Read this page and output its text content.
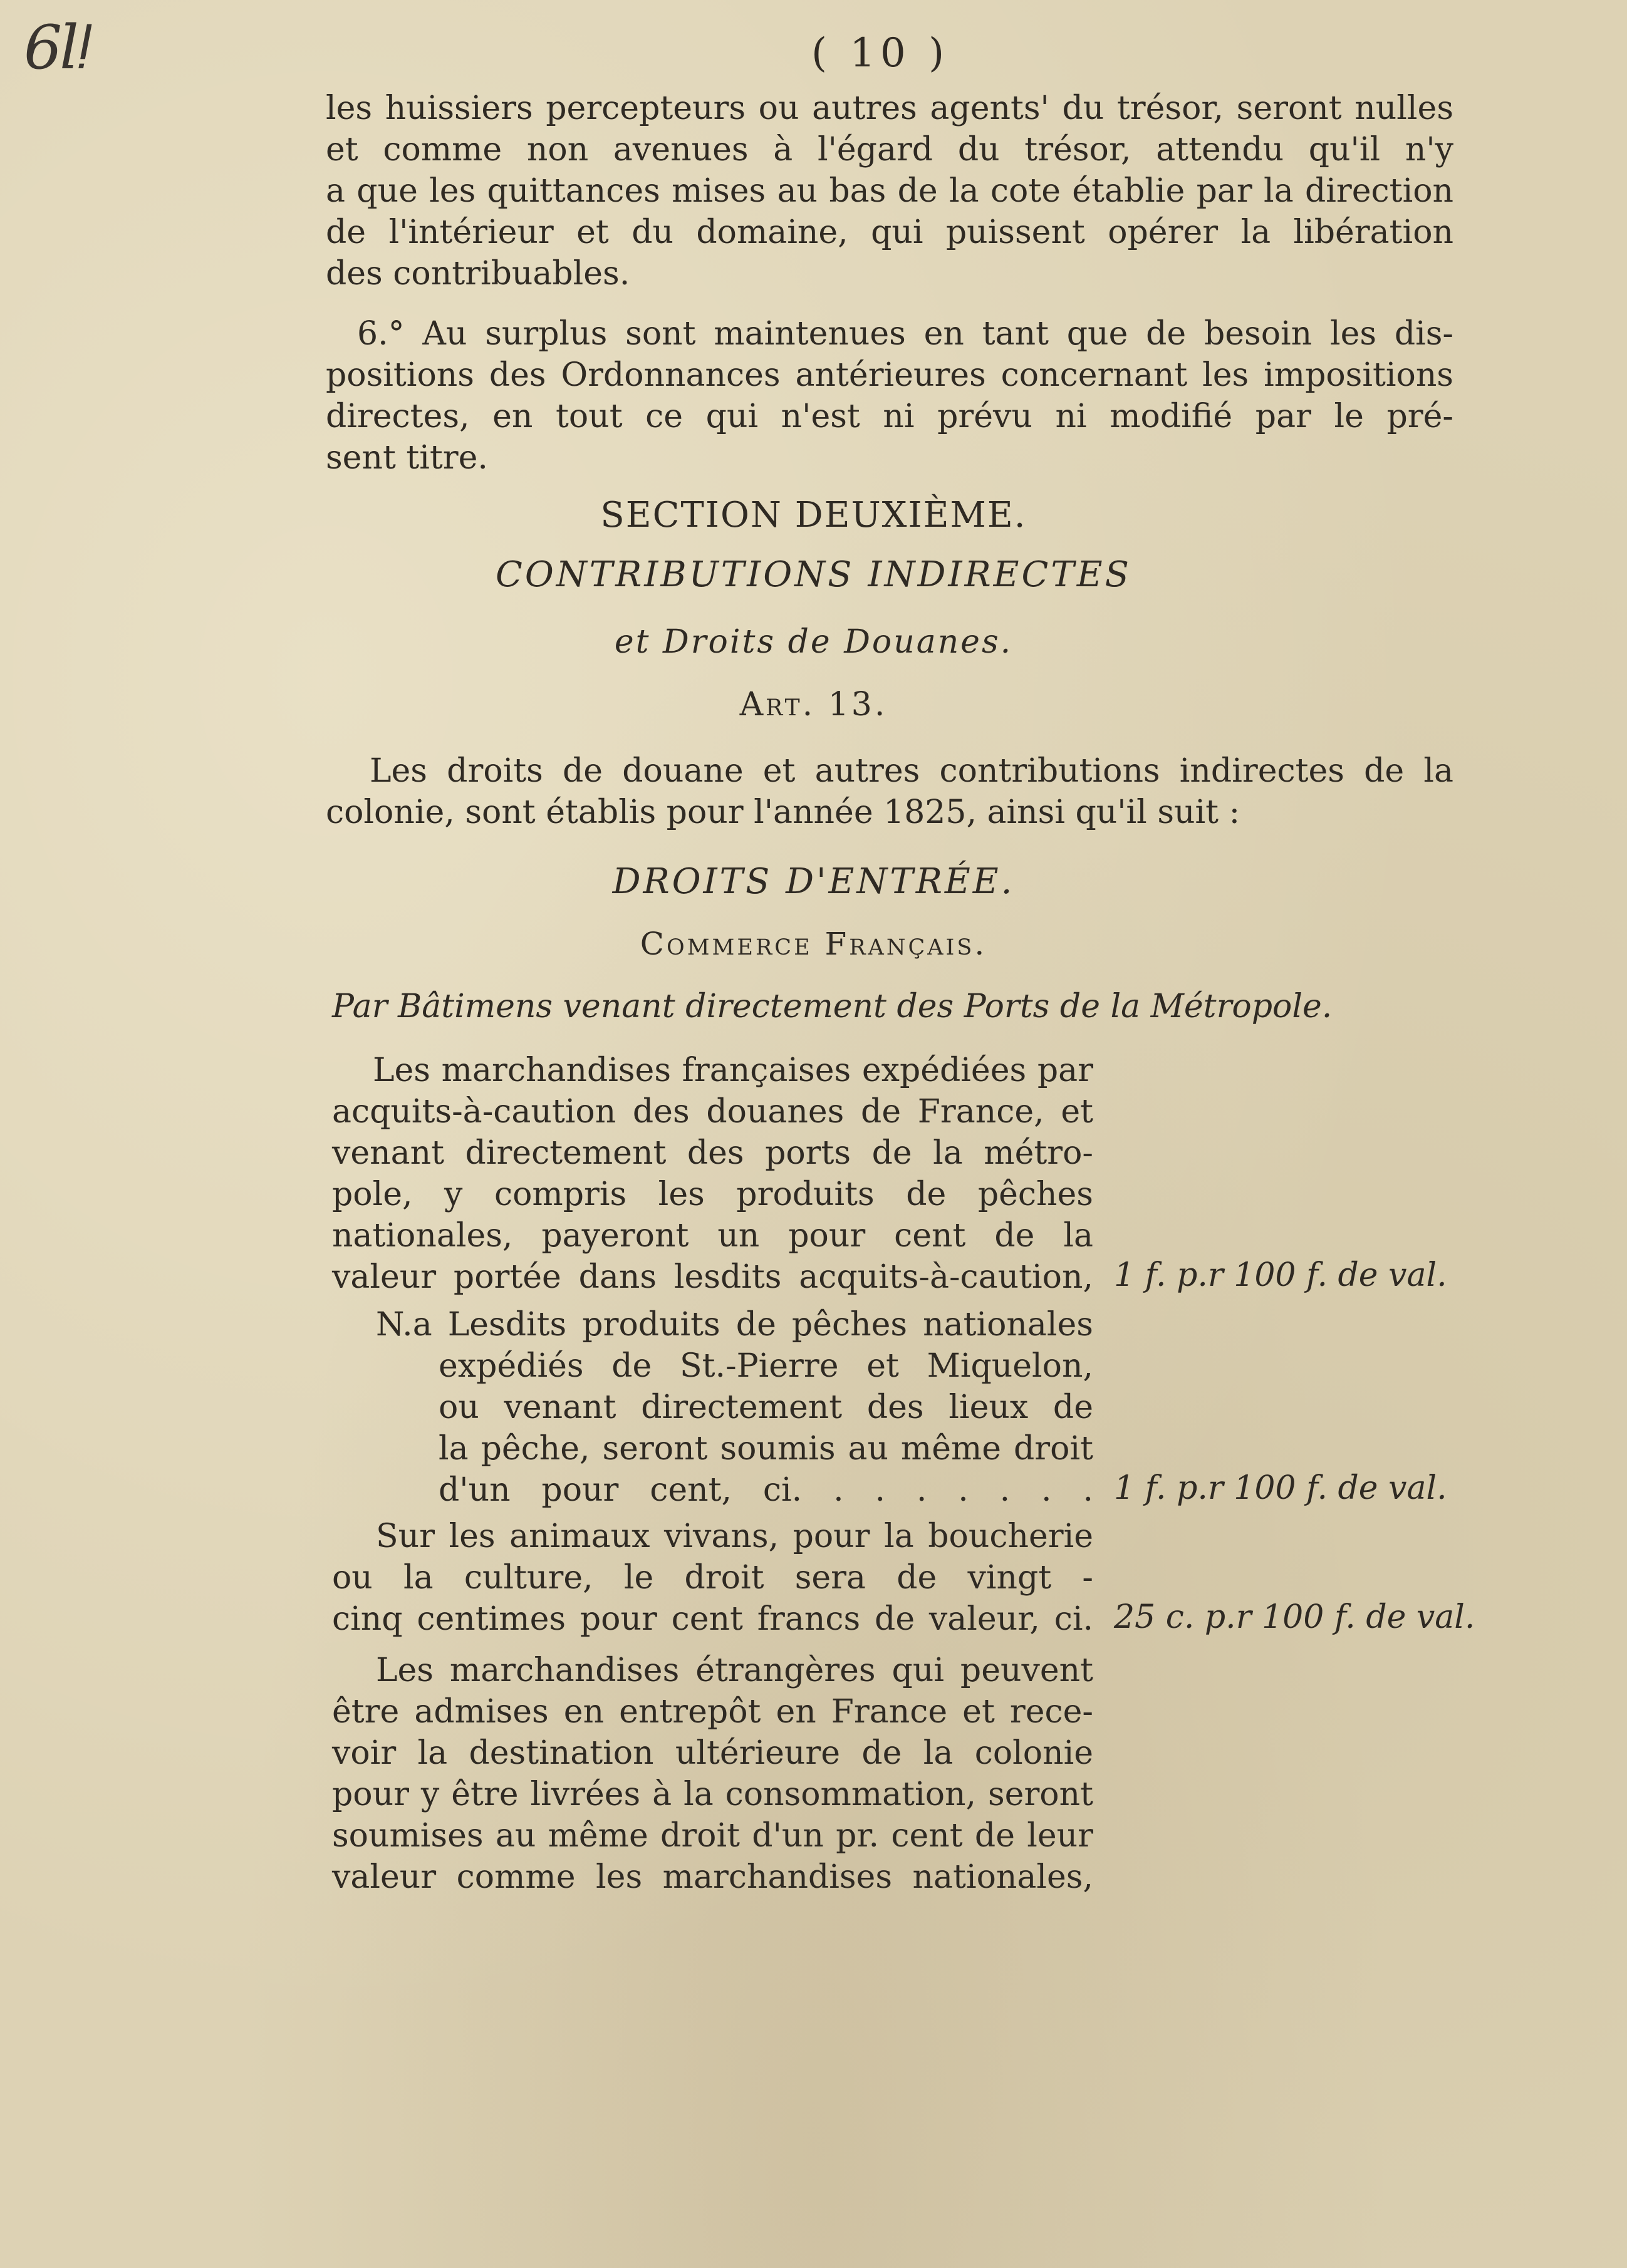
6lǃ	( 10 )
les huissiers percepteurs ou autres agents' du trésor, seront nulles
et comme non avenues à l'égard du trésor, attendu qu'il n'y
a que les quittances mises au bas de la cote établie par la direction
de l'intérieur et du domaine, qui puissent opérer la libération
des contribuables.
6.° Au surplus sont maintenues en tant que de besoin les dis-
positions des Ordonnances antérieures concernant les impositions
directes, en tout ce qui n'est ni prévu ni modifié par le pré-
sent titre.
SECTION DEUXIÈME.
CONTRIBUTIONS INDIRECTES
et Droits de Douanes.
Art. 13.
Les droits de douane et autres contributions indirectes de la
colonie, sont établis pour l'année 1825, ainsi qu'il suit :
DROITS D'ENTRÉE.
Commerce Français.
Par Bâtimens venant directement des Ports de la Métropole.
Les marchandises françaises expédiées par
acquits-à-caution des douanes de France, et
venant directement des ports de la métro-
pole, y compris les produits de pêches
nationales, payeront un pour cent de la
valeur portée dans lesdits acquits-à-caution, 1 f. p.r 100 f. de val.
N.a Lesdits produits de pêches nationales
expédiés de St.-Pierre et Miquelon,
ou venant directement des lieux de
la pêche, seront soumis au même droit
d'un pour cent, ci. . . . . . . . 1 f. p.r 100 f. de val.
Sur les animaux vivans, pour la boucherie
ou la culture, le droit sera de vingt -
cinq centimes pour cent francs de valeur, ci. 25 c. p.r 100 f. de val.
Les marchandises étrangères qui peuvent
être admises en entrepôt en France et rece-
voir la destination ultérieure de la colonie
pour y être livrées à la consommation, seront
soumises au même droit d'un pr. cent de leur
valeur comme les marchandises nationales,
